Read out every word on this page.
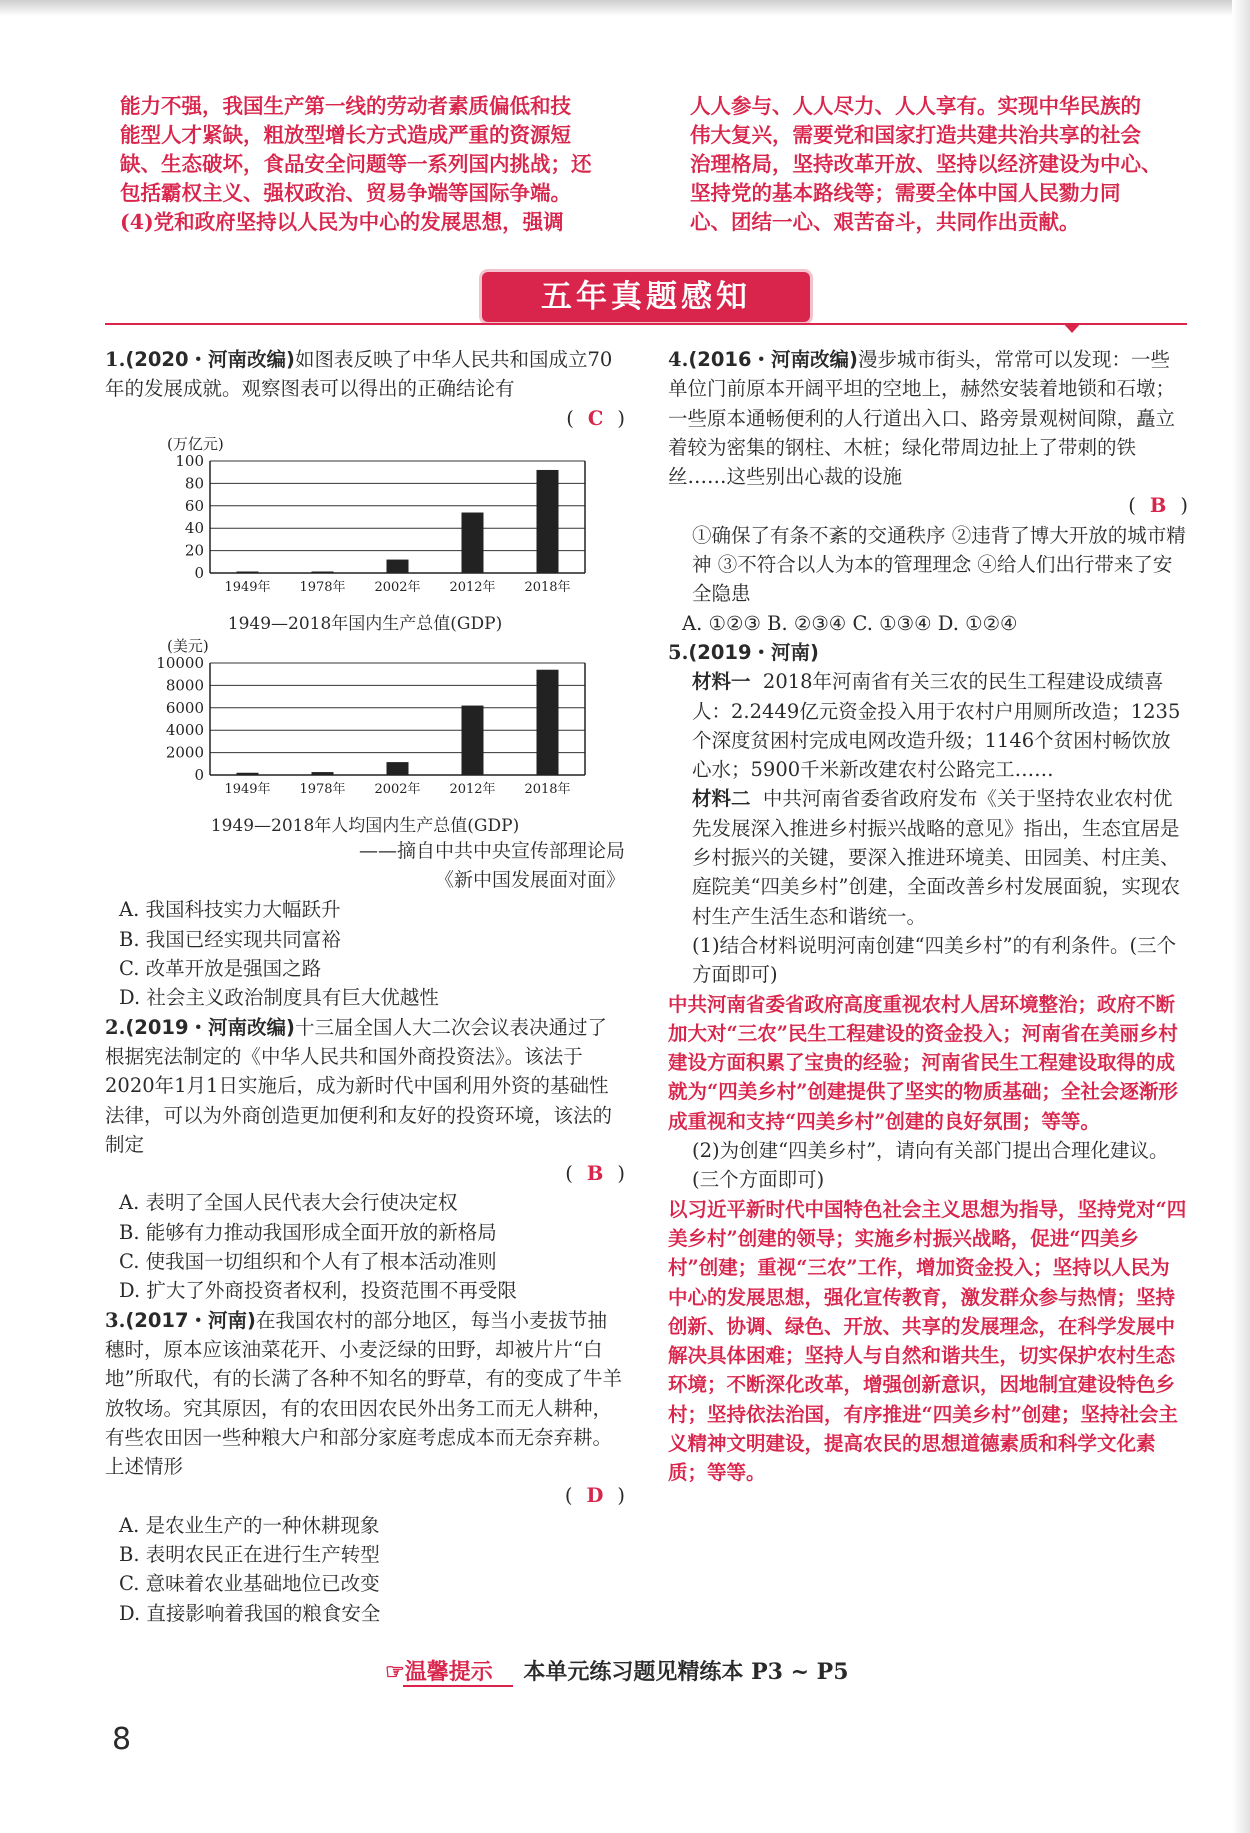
能力不强，我国生产第一线的劳动者素质偏低和技

能型人才紧缺，粗放型增长方式造成严重的资源短

缺、生态破坏，食品安全问题等一系列国内挑战；还

包括霸权主义、强权政治、贸易争端等国际争端。

(4)党和政府坚持以人民为中心的发展思想，强调

人人参与、人人尽力、人人享有。实现中华民族的

伟大复兴，需要党和国家打造共建共治共享的社会

治理格局，坚持改革开放、坚持以经济建设为中心、

坚持党的基本路线等；需要全体中国人民勠力同

心、团结一心、艰苦奋斗，共同作出贡献。

五年真题感知

1.(2020・河南改编)如图表反映了中华人民共和国成立70年的发展成就。观察图表可以得出的正确结论有
( C )

(万亿元)
0
20
40
60
80
100
1949年 1978年 2002年 2012年 2018年
1949—2018年国内生产总值(GDP)
(美元)
0
2000
4000
6000
8000
10000
1949年 1978年 2002年 2012年 2018年
1949—2018年人均国内生产总值(GDP)
——摘自中共中央宣传部理论局
《新中国发展面对面》

A. 我国科技实力大幅跃升

B. 我国已经实现共同富裕

C. 改革开放是强国之路

D. 社会主义政治制度具有巨大优越性

2.(2019・河南改编)十三届全国人大二次会议表决通过了根据宪法制定的《中华人民共和国外商投资法》。该法于2020年1月1日实施后，成为新时代中国利用外资的基础性法律，可以为外商创造更加便利和友好的投资环境，该法的制定
( B )

A. 表明了全国人民代表大会行使决定权

B. 能够有力推动我国形成全面开放的新格局

C. 使我国一切组织和个人有了根本活动准则

D. 扩大了外商投资者权利，投资范围不再受限

3.(2017・河南)在我国农村的部分地区，每当小麦拔节抽穗时，原本应该油菜花开、小麦泛绿的田野，却被片片“白地”所取代，有的长满了各种不知名的野草，有的变成了牛羊放牧场。究其原因，有的农田因农民外出务工而无人耕种，有些农田因一些种粮大户和部分家庭考虑成本而无奈弃耕。上述情形
( D )

A. 是农业生产的一种休耕现象

B. 表明农民正在进行生产转型

C. 意味着农业基础地位已改变

D. 直接影响着我国的粮食安全

4.(2016・河南改编)漫步城市街头，常常可以发现：一些单位门前原本开阔平坦的空地上，赫然安装着地锁和石墩；一些原本通畅便利的人行道出入口、路旁景观树间隙，矗立着较为密集的钢柱、木桩；绿化带周边扯上了带刺的铁丝……这些别出心裁的设施
( B )

①确保了有条不紊的交通秩序 ②违背了博大开放的城市精神 ③不符合以人为本的管理理念 ④给人们出行带来了安全隐患

A. ①②③ B. ②③④ C. ①③④ D. ①②④

5.(2019・河南)

材料一 2018年河南省有关三农的民生工程建设成绩喜人：2.2449亿元资金投入用于农村户用厕所改造；1235个深度贫困村完成电网改造升级；1146个贫困村畅饮放心水；5900千米新改建农村公路完工……

材料二 中共河南省委省政府发布《关于坚持农业农村优先发展深入推进乡村振兴战略的意见》指出，生态宜居是乡村振兴的关键，要深入推进环境美、田园美、村庄美、庭院美“四美乡村”创建，全面改善乡村发展面貌，实现农村生产生活生态和谐统一。

(1)结合材料说明河南创建“四美乡村”的有利条件。(三个方面即可)

中共河南省委省政府高度重视农村人居环境整治；政府不断加大对“三农”民生工程建设的资金投入；河南省在美丽乡村建设方面积累了宝贵的经验；河南省民生工程建设取得的成就为“四美乡村”创建提供了坚实的物质基础；全社会逐渐形成重视和支持“四美乡村”创建的良好氛围；等等。

(2)为创建“四美乡村”，请向有关部门提出合理化建议。(三个方面即可)

以习近平新时代中国特色社会主义思想为指导，坚持党对“四美乡村”创建的领导；实施乡村振兴战略，促进“四美乡村”创建；重视“三农”工作，增加资金投入；坚持以人民为中心的发展思想，强化宣传教育，激发群众参与热情；坚持创新、协调、绿色、开放、共享的发展理念，在科学发展中解决具体困难；坚持人与自然和谐共生，切实保护农村生态环境；不断深化改革，增强创新意识，因地制宜建设特色乡村；坚持依法治国，有序推进“四美乡村”创建；坚持社会主义精神文明建设，提高农民的思想道德素质和科学文化素质；等等。

☞温馨提示 本单元练习题见精练本 P3 ~ P5
8
